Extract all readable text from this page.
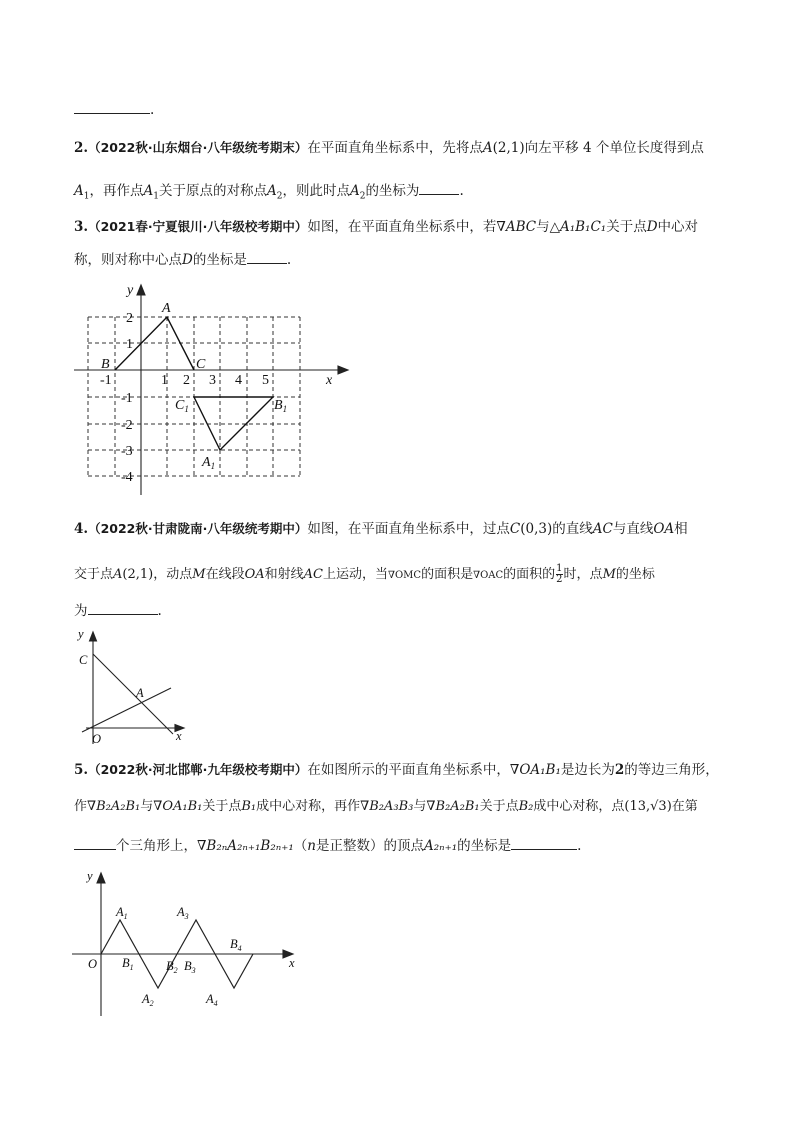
.
2.（2022秋·山东烟台·八年级统考期末）在平面直角坐标系中，先将点A(2,1)向左平移 4 个单位长度得到点
$A_1$，再作点$A_1$关于原点的对称点$A_2$，则此时点$A_2$的坐标为	.
3.（2021春·宁夏银川·八年级校考期中）如图，在平面直角坐标系中，若∇ABC与△A₁B₁C₁关于点D中心对
称，则对称中心点D的坐标是	.
y
x
A
B	C
$A_1$
$B_1$
$C_1$
-1	1 2 3 4 5
2
1
-1
-2
-3
-4
4.（2022秋·甘肃陇南·八年级统考期中）如图，在平面直角坐标系中，过点C(0,3)的直线AC与直线OA相
交于点A(2,1)，动点M在线段OA和射线AC上运动，当∇OMC的面积是∇OAC的面积的 $\frac{1}{2}$ 时，点M的坐标
为	.
y
x
C
A
O
5.（2022秋·河北邯郸·九年级校考期中）在如图所示的平面直角坐标系中，∇OA₁B₁是边长为2的等边三角形，
作∇B₂A₂B₁与∇OA₁B₁关于点B₁成中心对称，再作∇B₂A₃B₃与∇B₂A₂B₁关于点B₂成中心对称，点(13,√3)在第
个三角形上，∇B₂ₙA₂ₙ₊₁B₂ₙ₊₁（n是正整数）的顶点A₂ₙ₊₁的坐标是	.
y
x
O
$A_1$
$A_2$
$A_3$
$A_4$
$B_1$	$B_2$ $B_3$
$B_4$
